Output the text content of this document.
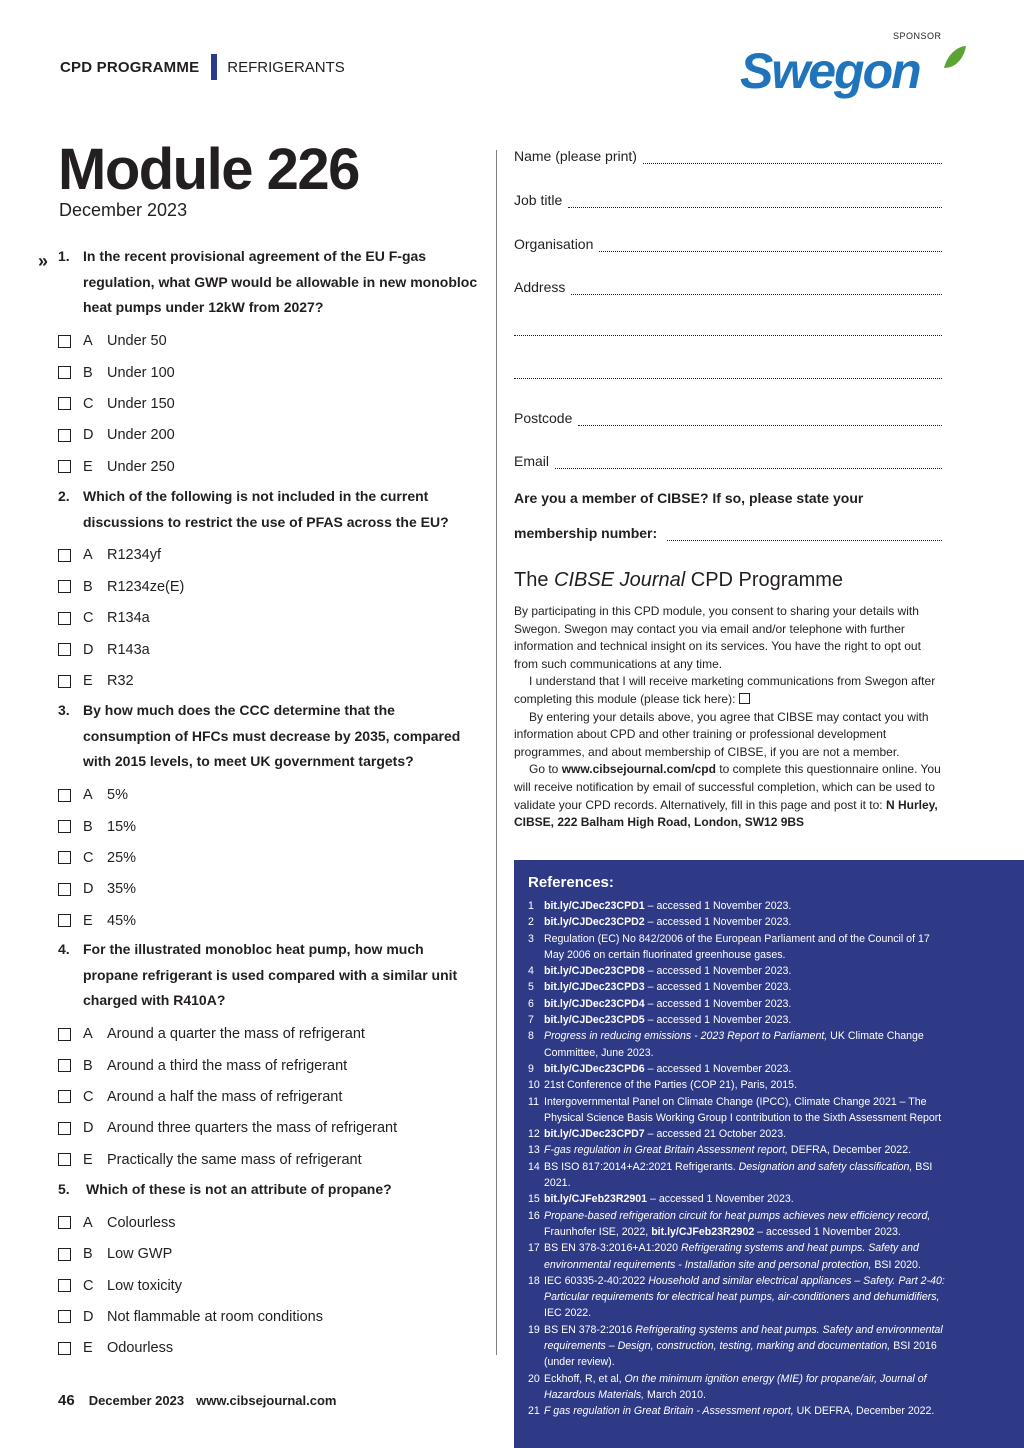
CPD PROGRAMME REFRIGERANTS
SPONSOR
Swegon
Module 226
December 2023
» 1. In the recent provisional agreement of the EU F-gas
regulation, what GWP would be allowable in new monobloc
heat pumps under 12kW from 2027?
A Under 50
B Under 100
C Under 150
D Under 200
E Under 250
2. Which of the following is not included in the current
discussions to restrict the use of PFAS across the EU?
A R1234yf
B R1234ze(E)
C R134a
D R143a
E R32
3. By how much does the CCC determine that the
consumption of HFCs must decrease by 2035, compared
with 2015 levels, to meet UK government targets?
A 5%
B 15%
C 25%
D 35%
E 45%
4. For the illustrated monobloc heat pump, how much
propane refrigerant is used compared with a similar unit
charged with R410A?
A Around a quarter the mass of refrigerant
B Around a third the mass of refrigerant
C Around a half the mass of refrigerant
D Around three quarters the mass of refrigerant
E Practically the same mass of refrigerant
5. Which of these is not an attribute of propane?
A Colourless
B Low GWP
C Low toxicity
D Not flammable at room conditions
E Odourless
46 December 2023 www.cibsejournal.com
Name (please print)
Job title
Organisation
Address
Postcode
Email
Are you a member of CIBSE? If so, please state your
membership number:
The CIBSE Journal CPD Programme

By participating in this CPD module, you consent to sharing your details with Swegon. Swegon may contact you via email and/or telephone with further information and technical insight on its services. You have the right to opt out from such communications at any time.

I understand that I will receive marketing communications from Swegon after completing this module (please tick here):

By entering your details above, you agree that CIBSE may contact you with information about CPD and other training or professional development programmes, and about membership of CIBSE, if you are not a member.

Go to www.cibsejournal.com/cpd to complete this questionnaire online. You will receive notification by email of successful completion, which can be used to validate your CPD records. Alternatively, fill in this page and post it to: N Hurley, CIBSE, 222 Balham High Road, London, SW12 9BS

References:
1 bit.ly/CJDec23CPD1 – accessed 1 November 2023.
2 bit.ly/CJDec23CPD2 – accessed 1 November 2023.
3 Regulation (EC) No 842/2006 of the European Parliament and of the Council of 17 May 2006 on certain fluorinated greenhouse gases.
4 bit.ly/CJDec23CPD8 – accessed 1 November 2023.
5 bit.ly/CJDec23CPD3 – accessed 1 November 2023.
6 bit.ly/CJDec23CPD4 – accessed 1 November 2023.
7 bit.ly/CJDec23CPD5 – accessed 1 November 2023.
8 Progress in reducing emissions - 2023 Report to Parliament, UK Climate Change Committee, June 2023.
9 bit.ly/CJDec23CPD6 – accessed 1 November 2023.
10 21st Conference of the Parties (COP 21), Paris, 2015.
11 Intergovernmental Panel on Climate Change (IPCC), Climate Change 2021 – The Physical Science Basis Working Group I contribution to the Sixth Assessment Report
12 bit.ly/CJDec23CPD7 – accessed 21 October 2023.
13 F-gas regulation in Great Britain Assessment report, DEFRA, December 2022.
14 BS ISO 817:2014+A2:2021 Refrigerants. Designation and safety classification, BSI 2021.
15 bit.ly/CJFeb23R2901 – accessed 1 November 2023.
16 Propane-based refrigeration circuit for heat pumps achieves new efficiency record, Fraunhofer ISE, 2022, bit.ly/CJFeb23R2902 – accessed 1 November 2023.
17 BS EN 378-3:2016+A1:2020 Refrigerating systems and heat pumps. Safety and environmental requirements - Installation site and personal protection, BSI 2020.
18 IEC 60335-2-40:2022 Household and similar electrical appliances – Safety. Part 2-40: Particular requirements for electrical heat pumps, air-conditioners and dehumidifiers, IEC 2022.
19 BS EN 378-2:2016 Refrigerating systems and heat pumps. Safety and environmental requirements – Design, construction, testing, marking and documentation, BSI 2016 (under review).
20 Eckhoff, R, et al, On the minimum ignition energy (MIE) for propane/air, Journal of Hazardous Materials, March 2010.
21 F gas regulation in Great Britain - Assessment report, UK DEFRA, December 2022.
